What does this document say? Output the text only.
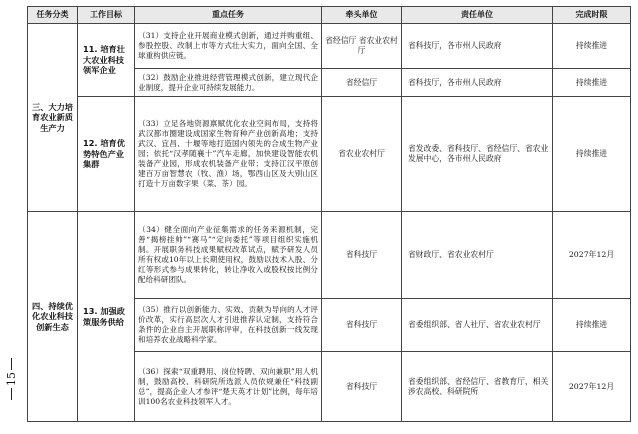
任务分类	工作目标	重点任务	牵头单位	责任单位	完成时限
三、大力培育农业新质生产力	11. 培育壮大农业科技领军企业	（31）支持企业开展商业模式创新，通过并购重组、参股控股、改制上市等方式壮大实力，面向全国、全球重构供应链。	省经信厅 省农业农村厅	省科技厅，各市州人民政府	持续推进
		（32）鼓励企业推进经营管理模式创新，建立现代企业制度，提升企业可持续发展能力。	省经信厅	省科技厅，各市州人民政府	持续推进
	12. 培育优势特色产业集群	（33）立足各地资源禀赋优化农业空间布局，支持将武汉都市圈建设成国家生物育种产业创新高地；支持武汉、宜昌、十堰等地打造国内领先的合成生物产业园；依托“汉孝随襄十”汽车走廊，加快建设智能农机装备产业园，形成农机装备产业带；支持江汉平原创建百万亩智慧农（牧、渔）场，鄂西山区及大别山区打造十万亩数字果（菜、茶）园。	省农业农村厅	省发改委、省科技厅、省经信厅、省农业发展中心，各市州人民政府	持续推进
四、持续优化农业科技创新生态	13. 加强政策服务供给	（34）健全面向产业征集需求的任务来源机制，完善“揭榜挂帅”“赛马”“定向委托”等项目组织实施机制。开展职务科技成果赋权改革试点，赋予研发人员所有权或10年以上长期使用权，鼓励以技术入股、分红等形式参与成果转化，转让净收入或股权按比例分配给科研团队。	省科技厅	省财政厅、省农业农村厅	2027年12月
		（35）推行以创新能力、实效、贡献为导向的人才评价改革，实行高层次人才引进推荐认定制，支持符合条件的企业自主开展职称评审，在科技创新一线发现和培养农业战略科学家。	省科技厅	省委组织部、省人社厅、省农业农村厅	持续推进
		（36）探索“双重聘用、岗位特聘、双向兼职”用人机制，鼓励高校、科研院所选派人员依规兼任“科技副总”，提高企业人才参评“楚天英才计划”比例，每年培训100名农业科技领军人才。	省科技厅	省委组织部、省经信厅、省教育厅，相关涉农高校、科研院所	2027年12月
15
